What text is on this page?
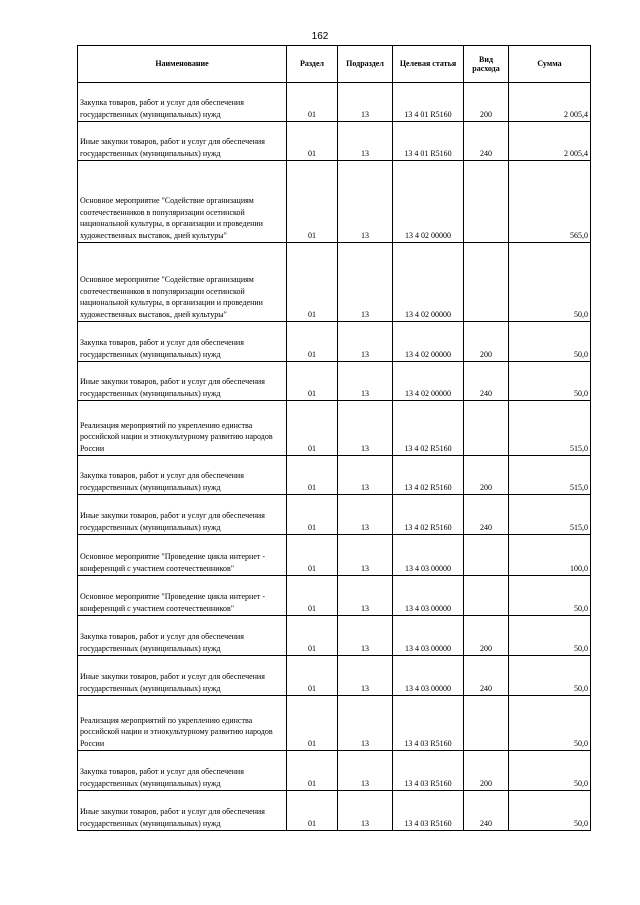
162
Наименование	Раздел	Подраздел	Целевая статья	Вид расхода	Сумма
Закупка товаров, работ и услуг для обеспечения государственных (муниципальных) нужд	01	13	13 4 01 R5160	200	2 005,4
Иные закупки товаров, работ и услуг для обеспечения государственных (муниципальных) нужд	01	13	13 4 01 R5160	240	2 005,4
Основное мероприятие "Содействие организациям соотечественников в популяризации осетинской национальной культуры, в организации и проведении художественных выставок, дней культуры"	01	13	13 4 02 00000		565,0
Основное мероприятие "Содействие организациям соотечественников в популяризации осетинской национальной культуры, в организации и проведении художественных выставок, дней культуры"	01	13	13 4 02 00000		50,0
Закупка товаров, работ и услуг для обеспечения государственных (муниципальных) нужд	01	13	13 4 02 00000	200	50,0
Иные закупки товаров, работ и услуг для обеспечения государственных (муниципальных) нужд	01	13	13 4 02 00000	240	50,0
Реализация мероприятий по укреплению единства российской нации и этнокультурному развитию народов России	01	13	13 4 02 R5160		515,0
Закупка товаров, работ и услуг для обеспечения государственных (муниципальных) нужд	01	13	13 4 02 R5160	200	515,0
Иные закупки товаров, работ и услуг для обеспечения государственных (муниципальных) нужд	01	13	13 4 02 R5160	240	515,0
Основное мероприятие "Проведение цикла интернет - конференций с участием соотечественников"	01	13	13 4 03 00000		100,0
Основное мероприятие "Проведение цикла интернет - конференций с участием соотечественников"	01	13	13 4 03 00000		50,0
Закупка товаров, работ и услуг для обеспечения государственных (муниципальных) нужд	01	13	13 4 03 00000	200	50,0
Иные закупки товаров, работ и услуг для обеспечения государственных (муниципальных) нужд	01	13	13 4 03 00000	240	50,0
Реализация мероприятий по укреплению единства российской нации и этнокультурному развитию народов России	01	13	13 4 03 R5160		50,0
Закупка товаров, работ и услуг для обеспечения государственных (муниципальных) нужд	01	13	13 4 03 R5160	200	50,0
Иные закупки товаров, работ и услуг для обеспечения государственных (муниципальных) нужд	01	13	13 4 03 R5160	240	50,0
